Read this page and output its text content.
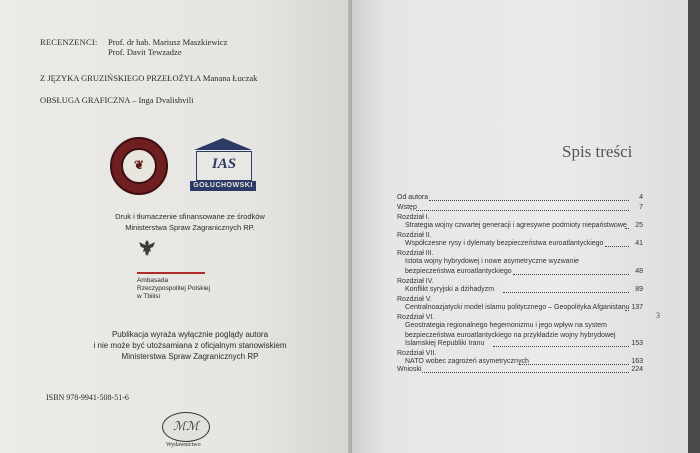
RECENZENCI: Prof. dr hab. Mariusz Maszkiewicz
Prof. Davit Tewzadze
Z JĘZYKA GRUZIŃSKIEGO PRZEŁOŻYŁA Manana Łuczak
OBSŁUGA GRAFICZNA – Inga Dvalishvili
❦	IAS
GOŁUCHOWSKI
Druk i tłumaczenie sfinansowane ze środków
Ministerstwa Spraw Zagranicznych RP.
Ambasada
Rzeczypospolitej Polskiej
w Tbilisi
Publikacja wyraża wyłącznie poglądy autora
i nie może być utożsamiana z oficjalnym stanowiskiem
Ministerstwa Spraw Zagranicznych RP
ISBN 978-9941-508-51-6
ℳℳ
Wydawnictwo
Spis treści
3
Od autora	4
Wstęp	7
Rozdział I.
Strategia wojny czwartej generacji i agresywne podmioty niepaństwowe	25
Rozdział II.
Współczesne rysy i dylematy bezpieczeństwa euroatlantyckiego	41
Rozdział III.
Istota wojny hybrydowej i nowe asymetryczne wyzwanie
bezpieczeństwa euroatlantyckiego	48
Rozdział IV.
Konflikt syryjski a dżihadyzm	89
Rozdział V.
Centralnoazjatycki model islamu politycznego – Geopolityka Afganistanu 137
Rozdział VI.
Geostrategia regionalnego hegemonizmu i jego wpływ na system
bezpieczeństwa euroatlantyckiego na przykładzie wojny hybrydowej
Islamskiej Republiki Iranu	153
Rozdział VII.
NATO wobec zagrożeń asymetrycznych	163
Wnioski	224
